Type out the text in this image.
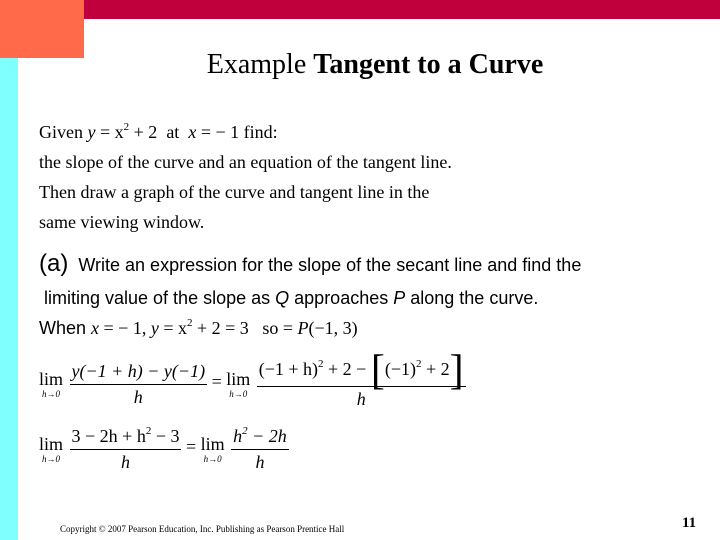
Example Tangent to a Curve
Given $y = x^2 + 2$ at x = − 1 find:
the slope of the curve and an equation of the tangent line.
Then draw a graph of the curve and tangent line in the
same viewing window.
(a) Write an expression for the slope of the secant line and find the
limiting value of the slope as Q approaches P along the curve.
When x = − 1, $y = x^2 + 2 = 3$ so = P(−1, 3)
lim
h→0
$\frac{y(-1 + h) - y(-1)}{h} = \lim$
h→0
$\frac{(-1 + h)^2 + 2 - [(-1)^2 + 2]}{h}$
lim
h→0
$\frac{3 - 2h + h^2 - 3}{h} = \lim$
h→0
$\frac{h^2 - 2h}{h}$
Copyright © 2007 Pearson Education, Inc. Publishing as Pearson Prentice Hall	11
